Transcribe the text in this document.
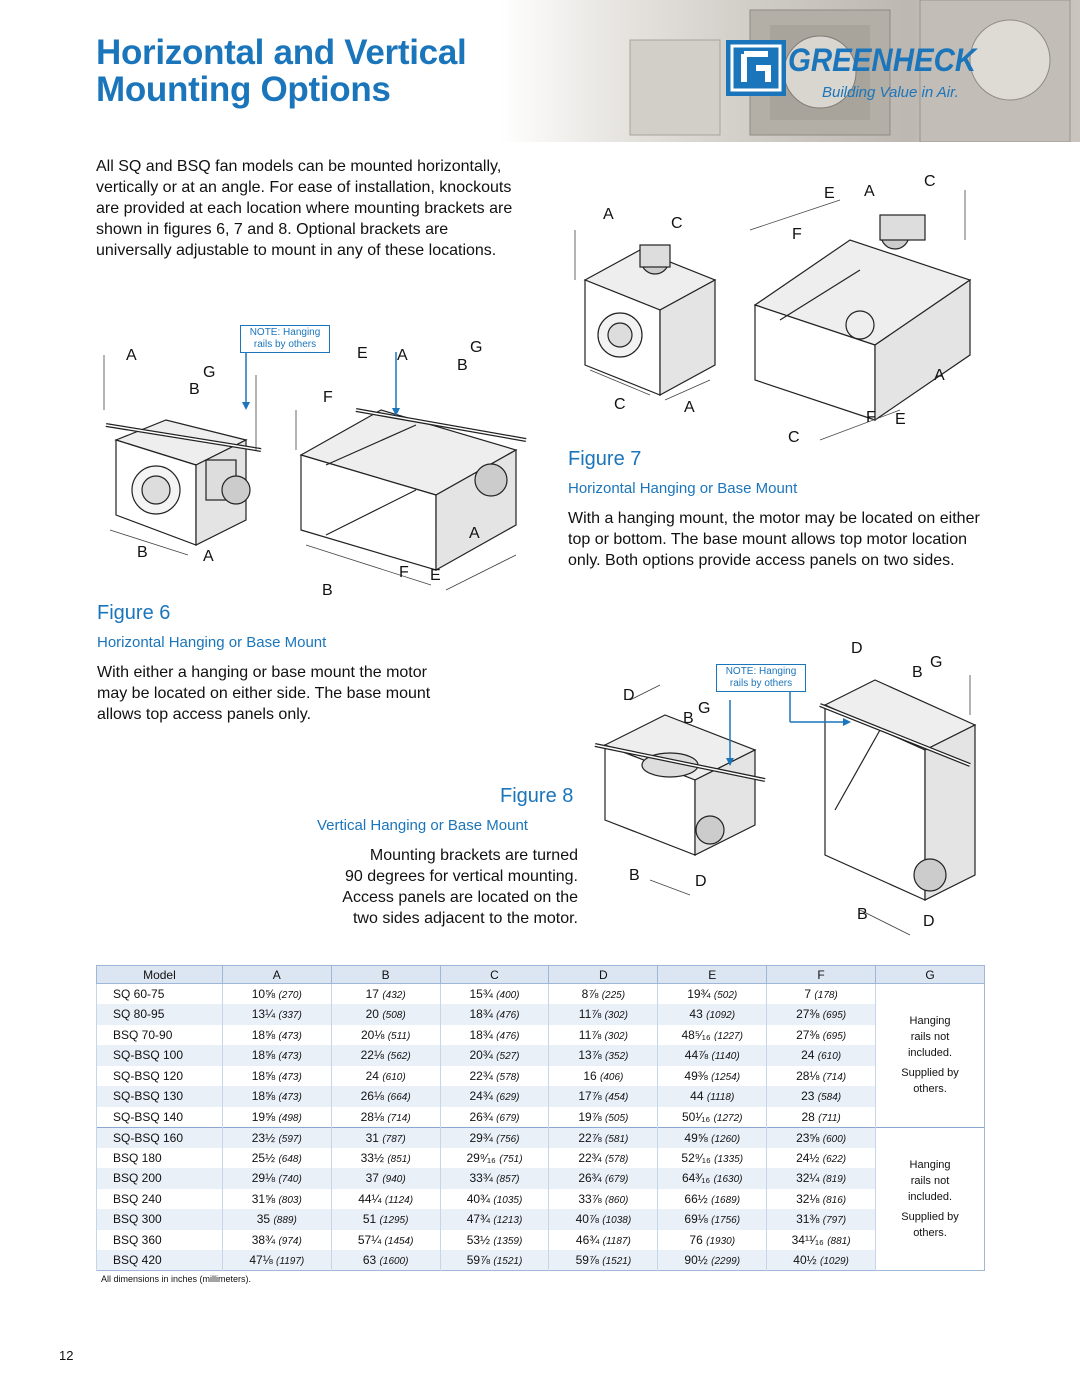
Horizontal and Vertical
Mounting Options
GREENHECK
Building Value in Air.
All SQ and BSQ fan models can be mounted horizontally, vertically or at an angle. For ease of installation, knockouts are provided at each location where mounting brackets are shown in figures 6, 7 and 8. Optional brackets are universally adjustable to mount in any of these locations.
NOTE: Hanging
rails by others
A
G
B
B	A
E A	G
B
F
A
F E
B
Figure 6
Horizontal Hanging or Base Mount
With either a hanging or base mount the motor may be located on either side. The base mount allows top access panels only.
A
C
C	A
E A
C
F
A
F E
C
Figure 7
Horizontal Hanging or Base Mount
With a hanging mount, the motor may be located on either top or bottom. The base mount allows top motor location only. Both options provide access panels on two sides.
NOTE: Hanging
rails by others
D
G
B
B	D
D
G
B
B	D
Figure 8
Vertical Hanging or Base Mount
Mounting brackets are turned
90 degrees for vertical mounting.
Access panels are located on the
two sides adjacent to the motor.
Model	A	B	C	D	E	F	G
SQ 60-75	10⅝ (270)	17 (432)	15¾ (400)	8⅞ (225)	19¾ (502)	7 (178)	Hanging
rails not
included.
Supplied by
others.

SQ 80-95	13¼ (337)	20 (508)	18¾ (476)	11⅞ (302)	43 (1092)	27⅜ (695)	
BSQ 70-90	18⅝ (473)	20⅛ (511)	18¾ (476)	11⅞ (302)	48⁵⁄₁₆ (1227)	27⅜ (695)	
SQ-BSQ 100	18⅝ (473)	22⅛ (562)	20¾ (527)	13⅞ (352)	44⅞ (1140)	24 (610)	
SQ-BSQ 120	18⅝ (473)	24 (610)	22¾ (578)	16 (406)	49⅜ (1254)	28⅛ (714)	
SQ-BSQ 130	18⅝ (473)	26⅛ (664)	24¾ (629)	17⅞ (454)	44 (1118)	23 (584)	
SQ-BSQ 140	19⅝ (498)	28⅛ (714)	26¾ (679)	19⅞ (505)	50¹⁄₁₆ (1272)	28 (711)	
SQ-BSQ 160	23½ (597)	31 (787)	29¾ (756)	22⅞ (581)	49⅝ (1260)	23⅝ (600)	Hanging
rails not
included.
Supplied by
others.

BSQ 180	25½ (648)	33½ (851)	29⁹⁄₁₆ (751)	22¾ (578)	52⁹⁄₁₆ (1335)	24½ (622)	
BSQ 200	29⅛ (740)	37 (940)	33¾ (857)	26¾ (679)	64³⁄₁₆ (1630)	32¼ (819)	
BSQ 240	31⅝ (803)	44¼ (1124)	40¾ (1035)	33⅞ (860)	66½ (1689)	32⅛ (816)	
BSQ 300	35 (889)	51 (1295)	47¾ (1213)	40⅞ (1038)	69⅛ (1756)	31⅜ (797)	
BSQ 360	38¾ (974)	57¼ (1454)	53½ (1359)	46¾ (1187)	76 (1930)	34¹¹⁄₁₆ (881)	
BSQ 420	47⅛ (1197)	63 (1600)	59⅞ (1521)	59⅞ (1521)	90½ (2299)	40½ (1029)	
All dimensions in inches (millimeters).
12
